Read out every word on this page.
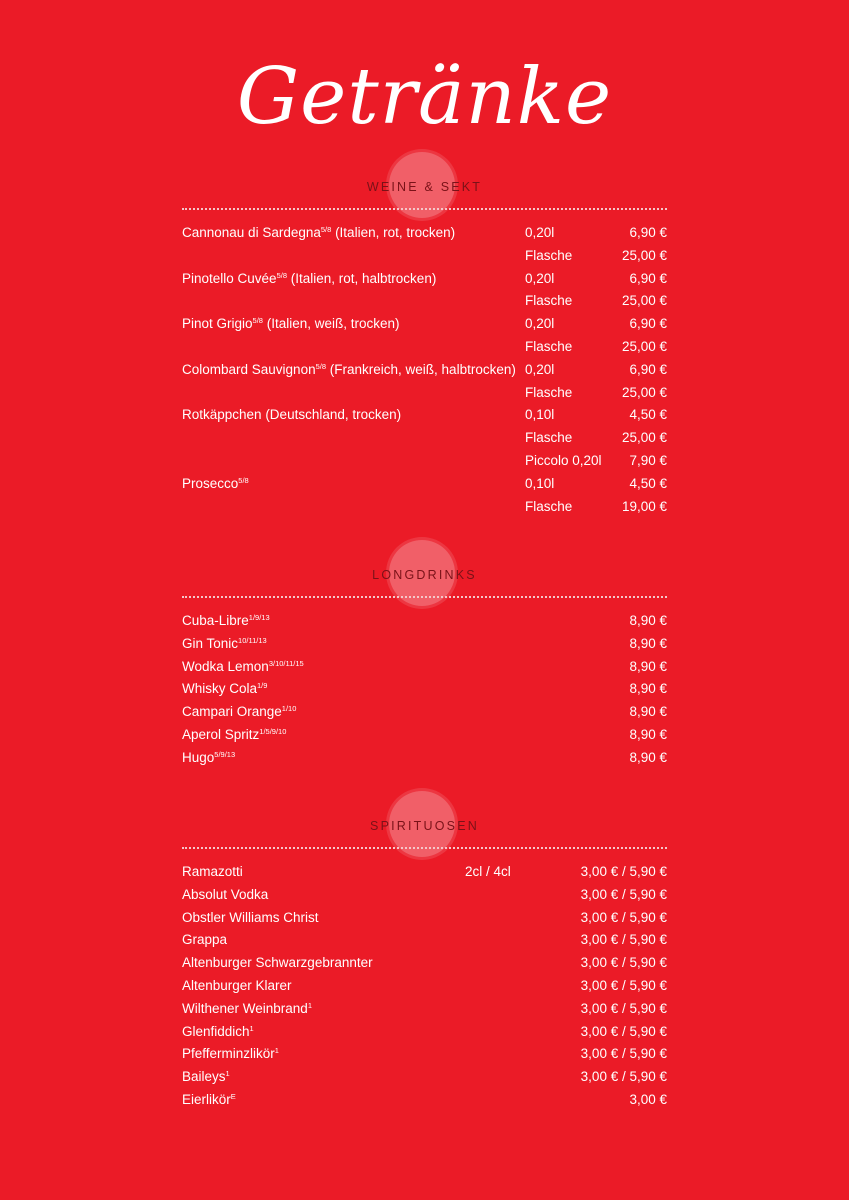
Getränke
WEINE & SEKT
Cannonau di Sardegna$^{5/8}$ (Italien, rot, trocken)	0,20l	6,90 €
Flasche	25,00 €
Pinotello Cuvée$^{5/8}$ (Italien, rot, halbtrocken)	0,20l	6,90 €
Flasche	25,00 €
Pinot Grigio$^{5/8}$ (Italien, weiß, trocken)	0,20l	6,90 €
Flasche	25,00 €
Colombard Sauvignon$^{5/8}$ (Frankreich, weiß, halbtrocken) 0,20l	6,90 €
Flasche	25,00 €
Rotkäppchen (Deutschland, trocken)	0,10l	4,50 €
Flasche	25,00 €
Piccolo 0,20l 7,90 €
Prosecco$^{5/8}$	0,10l	4,50 €
Flasche	19,00 €
LONGDRINKS
Cuba-Libre$^{1/9/13}$	8,90 €
Gin Tonic$^{10/11/13}$	8,90 €
Wodka Lemon$^{3/10/11/15}$	8,90 €
Whisky Cola$^{1/9}$	8,90 €
Campari Orange$^{1/10}$	8,90 €
Aperol Spritz$^{1/5/9/10}$	8,90 €
Hugo$^{5/9/13}$	8,90 €
SPIRITUOSEN
Ramazotti	2cl / 4cl	3,00 € / 5,90 €
Absolut Vodka	3,00 € / 5,90 €
Obstler Williams Christ	3,00 € / 5,90 €
Grappa	3,00 € / 5,90 €
Altenburger Schwarzgebrannter	3,00 € / 5,90 €
Altenburger Klarer	3,00 € / 5,90 €
Wilthener Weinbrand$^1$	3,00 € / 5,90 €
Glenfiddich$^1$	3,00 € / 5,90 €
Pfefferminzlikör$^1$	3,00 € / 5,90 €
Baileys$^1$	3,00 € / 5,90 €
Eierlikör$^E$	3,00 €
